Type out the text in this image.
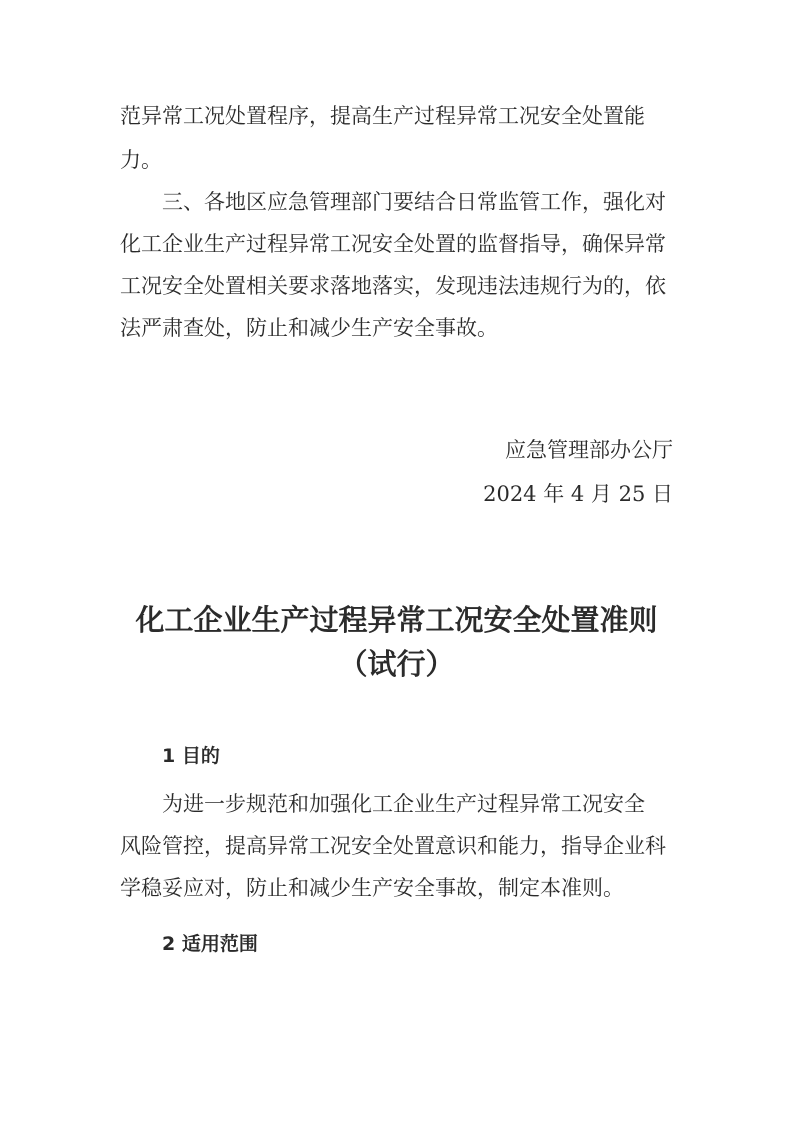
范异常工况处置程序，提高生产过程异常工况安全处置能
力。
三、各地区应急管理部门要结合日常监管工作，强化对
化工企业生产过程异常工况安全处置的监督指导，确保异常
工况安全处置相关要求落地落实，发现违法违规行为的，依
法严肃查处，防止和减少生产安全事故。
应急管理部办公厅
2024 年 4 月 25 日
化工企业生产过程异常工况安全处置准则
（试行）
1 目的
为进一步规范和加强化工企业生产过程异常工况安全
风险管控，提高异常工况安全处置意识和能力，指导企业科
学稳妥应对，防止和减少生产安全事故，制定本准则。
2 适用范围
